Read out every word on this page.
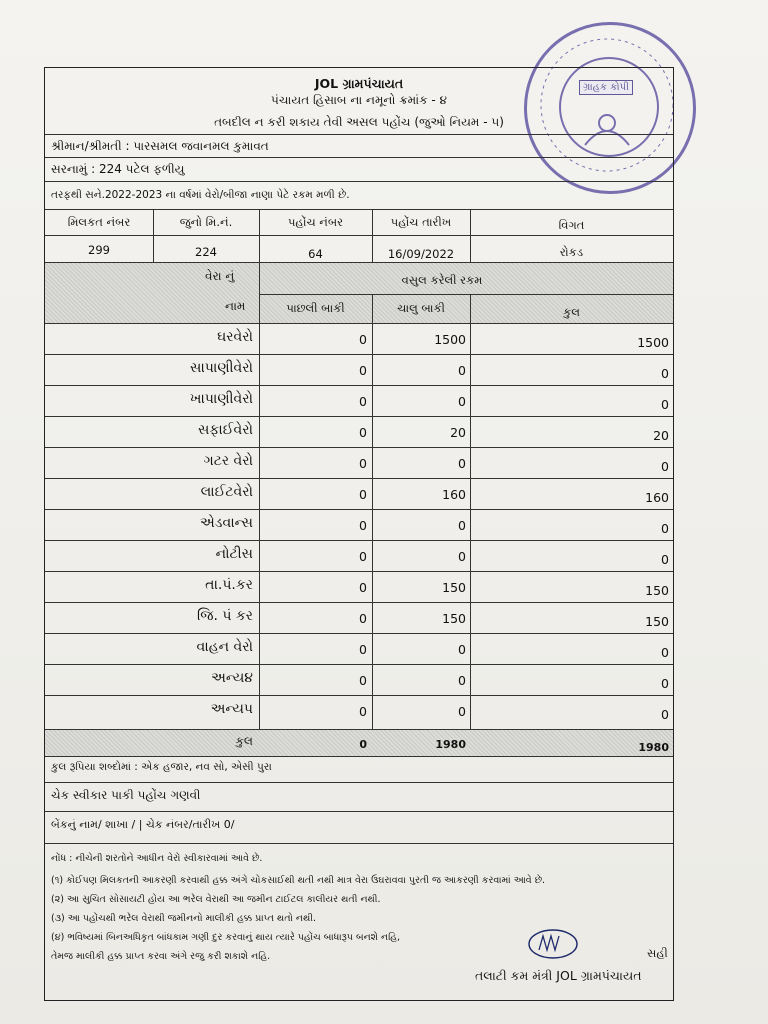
ગ્રાહક કોપી
JOL ગ્રામપંચાયત
પંચાયત હિસાબ ના નમૂનો ક્રમાંક - ૪
તબદીલ ન કરી શકાય તેવી અસલ પહોંચ (જુઓ નિયમ - ૫)
શ્રીમાન/શ્રીમતી : પારસમલ જવાનમલ કુમાવત
સરનામું : 224 પટેલ ફળીયુ
તરફથી સને.2022-2023 ના વર્ષમાં વેરો/બીજા નાણા પેટે રકમ મળી છે.
મિલકત નંબર	જુનો મિ.નં.	પહોંચ નંબર	પહોંચ તારીખ	વિગત
299	224	64	16/09/2022	રોકડ
વેરા નું
નામ
વસુલ કરેલી રકમ
પાછલી બાકી	ચાલુ બાકી	કુલ
ઘરવેરો	0	1500	1500
સાપાણીવેરો	0	0	0
ખાપાણીવેરો	0	0	0
સફાઈવેરો	0	20	20
ગટર વેરો	0	0	0
લાઈટવેરો	0	160	160
એડવાન્સ	0	0	0
નોટીસ	0	0	0
તા.પં.કર	0	150	150
જિ. પં કર	0	150	150
વાહન વેરો	0	0	0
અન્ય૪	0	0	0
અન્યપ	0	0	0
કુલ	0	1980	1980
કુલ રૂપિયા શબ્દોમાં : એક હજાર, નવ સો, એસી પુરા
ચેક સ્વીકાર પાકી પહોંચ ગણવી
બેંકનું નામ/ શાખા / | ચેક નંબર/તારીખ 0/
નોંધ : નીચેની શરતોને આધીન વેરો સ્વીકારવામાં આવે છે.
(૧) કોઈપણ મિલકતની આકરણી કરવાથી હક્ક અંગે ચોકસાઈથી થતી નથી માત્ર વેરા ઉઘરાવવા પુરતી જ આકરણી કરવામાં આવે છે.
(૨) આ સુચિત સોસાયટી હોય આ ભરેલ વેરાથી આ જમીન ટાઈટલ કાલીયર થતી નથી.
(૩) આ પહોંચથી ભરેલ વેરાથી જમીનનો માલીકી હક્ક પ્રાપ્ત થતો નથી.
(૪) ભવિષ્યમાં બિનઅધિકૃત બાંધકામ ગણી દુર કરવાનું થાય ત્યારે પહોંચ બાધારૂપ બનશે નહિ,
તેમજ માલીકી હક્ક પ્રાપ્ત કરવા અંગે રજુ કરી શકાશે નહિ.	સહી
તલાટી કમ મંત્રી JOL ગ્રામપંચાયત
